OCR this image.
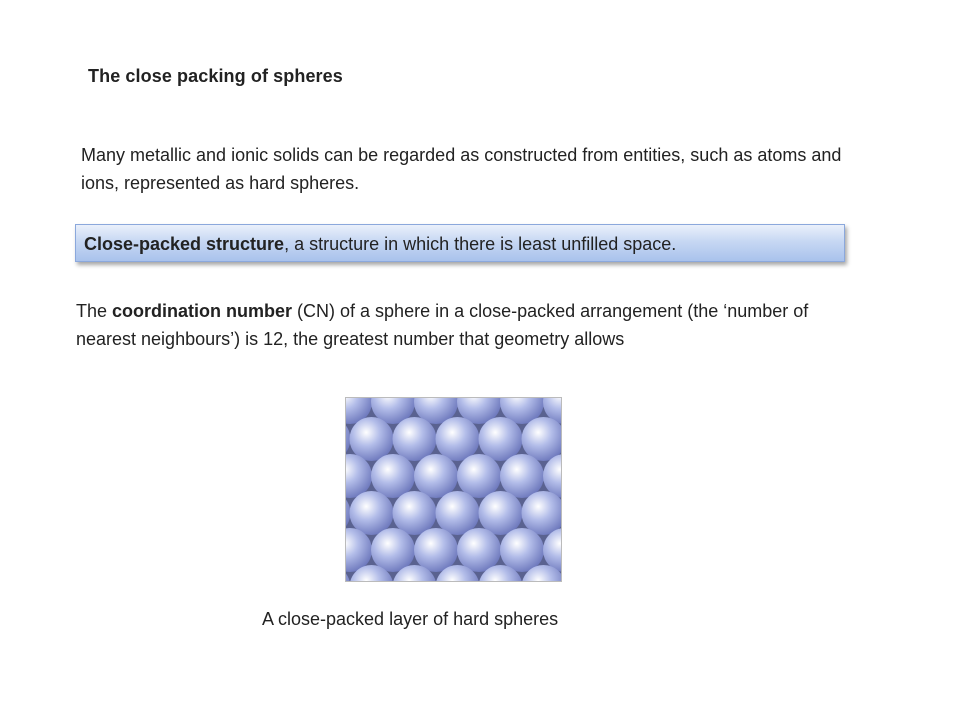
The close packing of spheres
Many metallic and ionic solids can be regarded as constructed from entities, such as atoms and ions, represented as hard spheres.
Close-packed structure, a structure in which there is least unfilled space.
The coordination number (CN) of a sphere in a close-packed arrangement (the ‘number of nearest neighbours’) is 12, the greatest number that geometry allows
A close-packed layer of hard spheres
